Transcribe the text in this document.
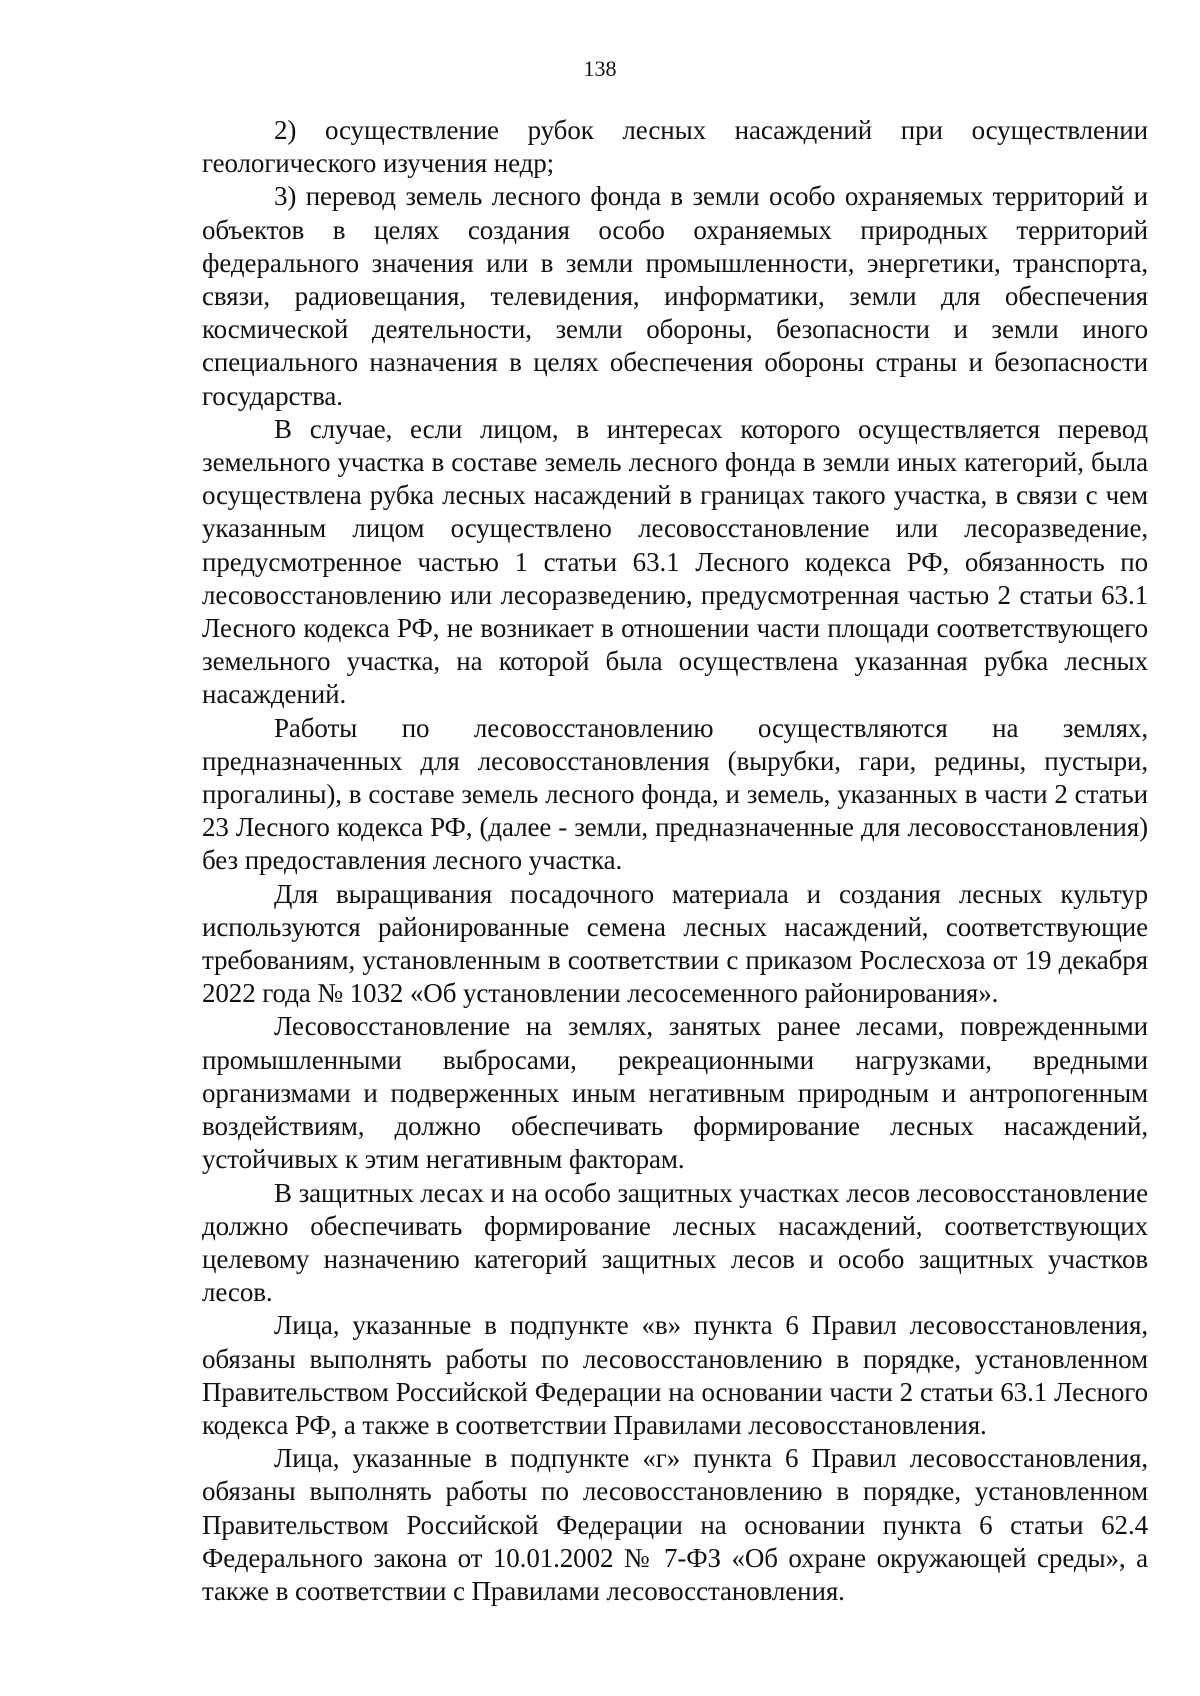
138

2) осуществление рубок лесных насаждений при осуществлении геологического изучения недр;

3) перевод земель лесного фонда в земли особо охраняемых территорий и объектов в целях создания особо охраняемых природных территорий федерального значения или в земли промышленности, энергетики, транспорта, связи, радиовещания, телевидения, информатики, земли для обеспечения космической деятельности, земли обороны, безопасности и земли иного специального назначения в целях обеспечения обороны страны и безопасности государства.

В случае, если лицом, в интересах которого осуществляется перевод земельного участка в составе земель лесного фонда в земли иных категорий, была осуществлена рубка лесных насаждений в границах такого участка, в связи с чем указанным лицом осуществлено лесовосстановление или лесоразведение, предусмотренное частью 1 статьи 63.1 Лесного кодекса РФ, обязанность по лесовосстановлению или лесоразведению, предусмотренная частью 2 статьи 63.1 Лесного кодекса РФ, не возникает в отношении части площади соответствующего земельного участка, на которой была осуществлена указанная рубка лесных насаждений.

Работы по лесовосстановлению осуществляются на землях, предназначенных для лесовосстановления (вырубки, гари, редины, пустыри, прогалины), в составе земель лесного фонда, и земель, указанных в части 2 статьи 23 Лесного кодекса РФ, (далее - земли, предназначенные для лесовосстановления) без предоставления лесного участка.

Для выращивания посадочного материала и создания лесных культур используются районированные семена лесных насаждений, соответствующие требованиям, установленным в соответствии с приказом Рослесхоза от 19 декабря 2022 года № 1032 «Об установлении лесосеменного районирования».

Лесовосстановление на землях, занятых ранее лесами, поврежденными промышленными выбросами, рекреационными нагрузками, вредными организмами и подверженных иным негативным природным и антропогенным воздействиям, должно обеспечивать формирование лесных насаждений, устойчивых к этим негативным факторам.

В защитных лесах и на особо защитных участках лесов лесовосстановление должно обеспечивать формирование лесных насаждений, соответствующих целевому назначению категорий защитных лесов и особо защитных участков лесов.

Лица, указанные в подпункте «в» пункта 6 Правил лесовосстановления, обязаны выполнять работы по лесовосстановлению в порядке, установленном Правительством Российской Федерации на основании части 2 статьи 63.1 Лесного кодекса РФ, а также в соответствии Правилами лесовосстановления.

Лица, указанные в подпункте «г» пункта 6 Правил лесовосстановления, обязаны выполнять работы по лесовосстановлению в порядке, установленном Правительством Российской Федерации на основании пункта 6 статьи 62.4 Федерального закона от 10.01.2002 № 7-ФЗ «Об охране окружающей среды», а также в соответствии с Правилами лесовосстановления.
